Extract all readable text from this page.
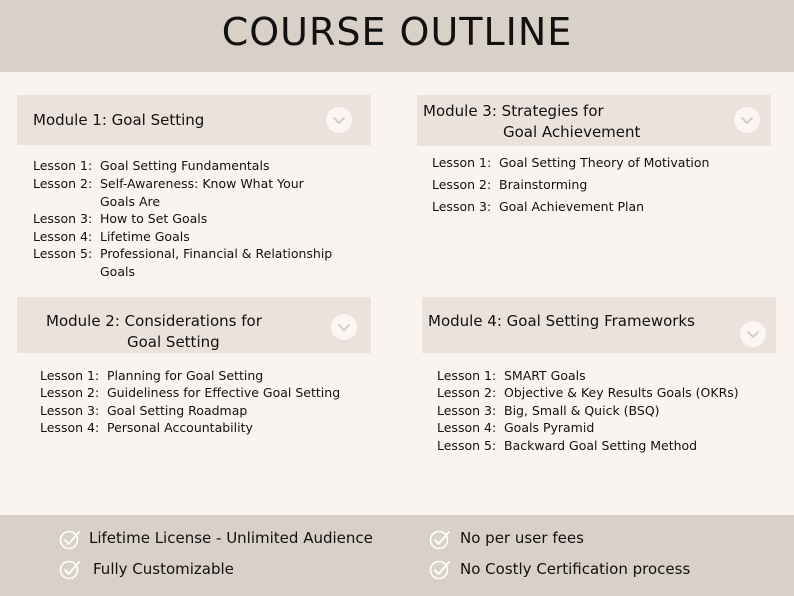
COURSE OUTLINE
Module 1: Goal Setting
Lesson 1: Goal Setting Fundamentals
Lesson 2: Self-Awareness: Know What Your Goals Are
Lesson 3: How to Set Goals
Lesson 4: Lifetime Goals
Lesson 5: Professional, Financial & Relationship Goals
Module 2: Considerations for
Goal Setting
Lesson 1: Planning for Goal Setting
Lesson 2: Guideliness for Effective Goal Setting
Lesson 3: Goal Setting Roadmap
Lesson 4: Personal Accountability
Module 3: Strategies for
Goal Achievement
Lesson 1: Goal Setting Theory of Motivation
Lesson 2: Brainstorming
Lesson 3: Goal Achievement Plan
Module 4: Goal Setting Frameworks
Lesson 1: SMART Goals
Lesson 2: Objective & Key Results Goals (OKRs)
Lesson 3: Big, Small & Quick (BSQ)
Lesson 4: Goals Pyramid
Lesson 5: Backward Goal Setting Method
Lifetime License - Unlimited Audience	No per user fees
Fully Customizable	No Costly Certification process
